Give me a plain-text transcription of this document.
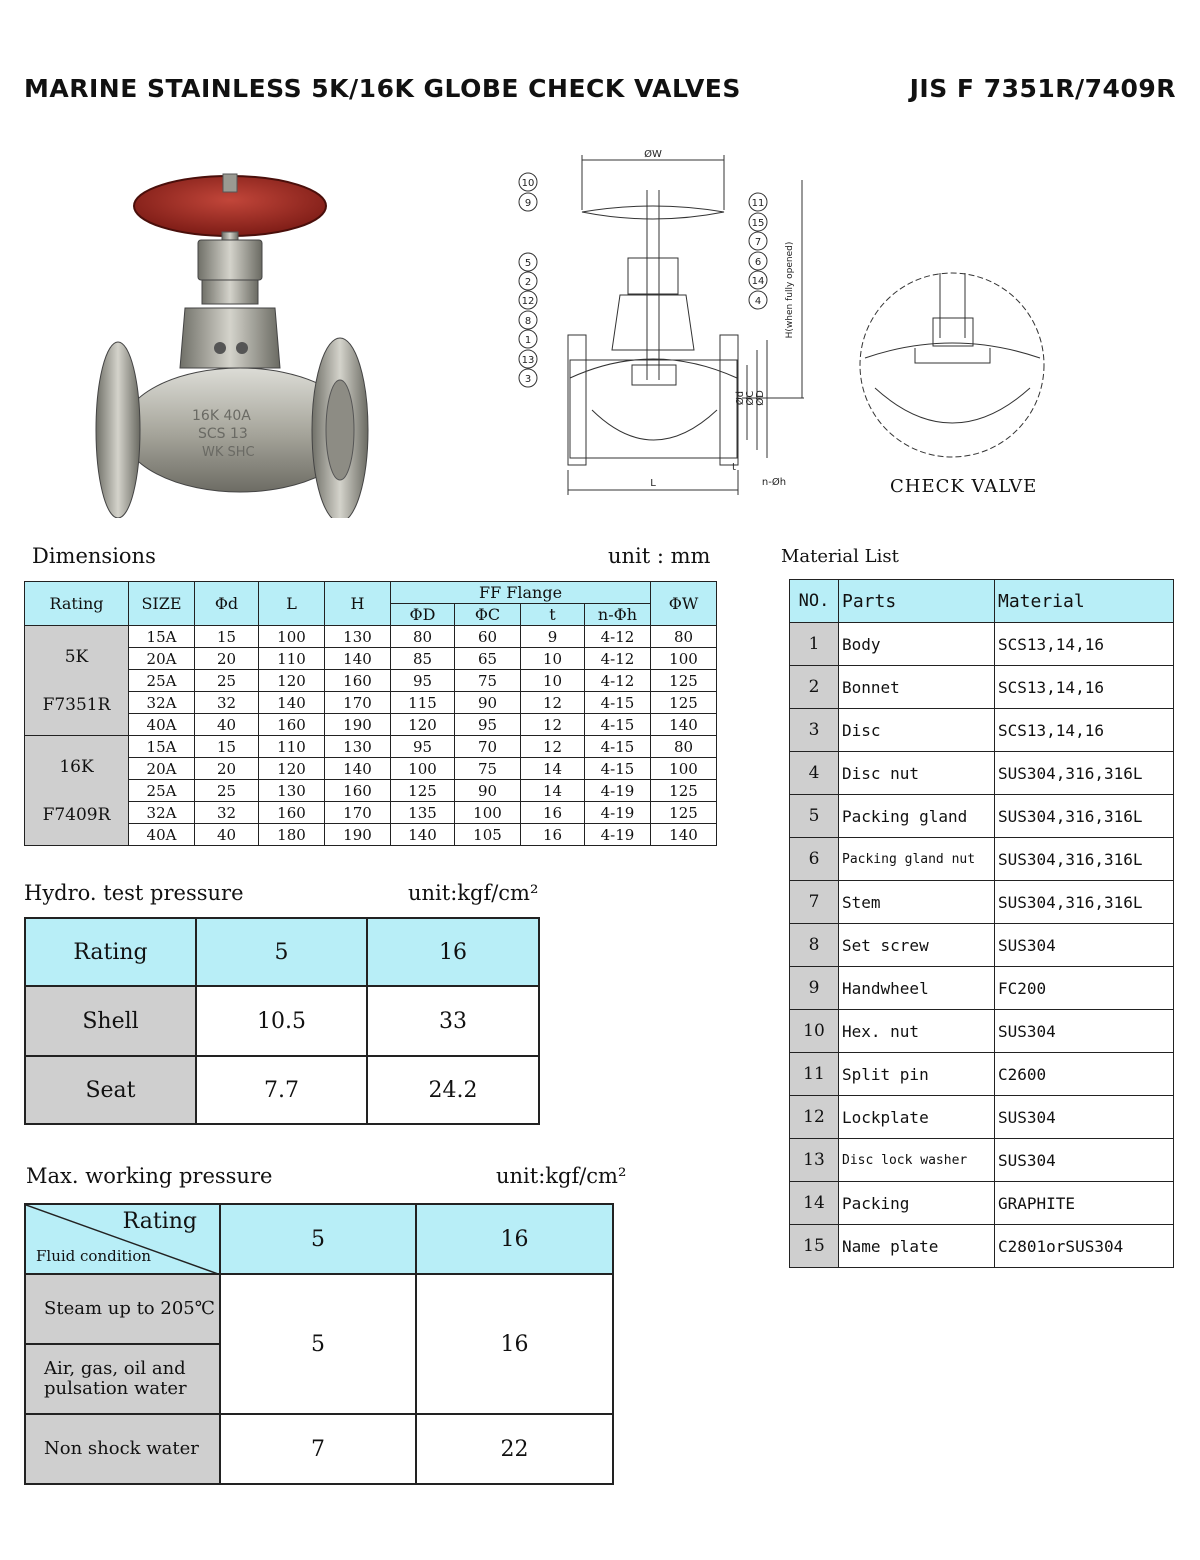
MARINE STAINLESS 5K/16K GLOBE CHECK VALVES	JIS F 7351R/7409R
16K 40A
SCS 13
WK SHC
10
9
5
2
12
8
1
13
3
11
15
7
6
14
4
ØW
H(when fully opened)
Ød ØC ØD
L
t
n-Øh	CHECK VALVE
Dimensions	unit : mm
Rating	SIZE	Φd	L	H	FF Flange				ΦW
					ΦD	ΦC	t	n-Φh	

5K
F7351R	15A	15	100	130	80	60	9	4-12	80
	20A	20	110	140	85	65	10	4-12	100
	25A	25	120	160	95	75	10	4-12	125
	32A	32	140	170	115	90	12	4-15	125
	40A	40	160	190	120	95	12	4-15	140

16K
F7409R	15A	15	110	130	95	70	12	4-15	80
	20A	20	120	140	100	75	14	4-15	100
	25A	25	130	160	125	90	14	4-19	125
	32A	32	160	170	135	100	16	4-19	125
	40A	40	180	190	140	105	16	4-19	140
Hydro. test pressure	unit:kgf/cm²
Rating	5	16
Shell	10.5	33
Seat	7.7	24.2
Max. working pressure	unit:kgf/cm²
Rating
Fluid condition	5	16
Steam up to 205℃	5	16
Air, gas, oil and pulsation water		
Non shock water	7	22
Material List
NO.	Parts	Material
1	Body	SCS13,14,16
2	Bonnet	SCS13,14,16
3	Disc	SCS13,14,16
4	Disc nut	SUS304,316,316L
5	Packing gland	SUS304,316,316L
6	Packing gland nut	SUS304,316,316L
7	Stem	SUS304,316,316L
8	Set screw	SUS304
9	Handwheel	FC200
10	Hex. nut	SUS304
11	Split pin	C2600
12	Lockplate	SUS304
13	Disc lock washer	SUS304
14	Packing	GRAPHITE
15	Name plate	C2801orSUS304
